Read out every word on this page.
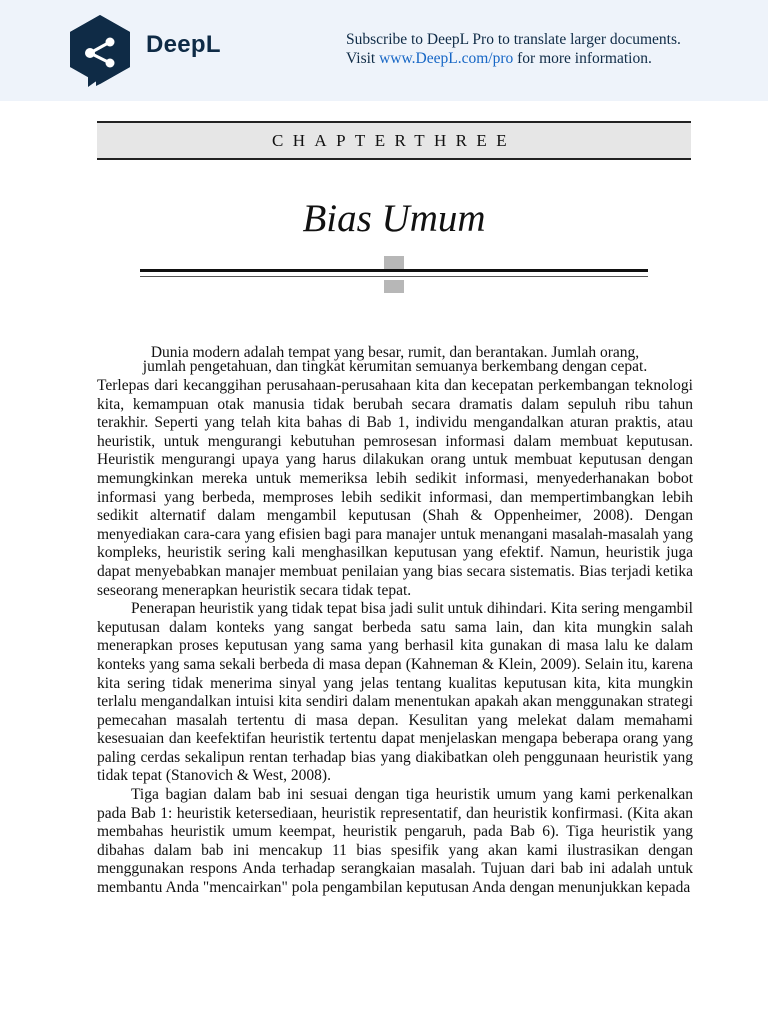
DeepL	Subscribe to DeepL Pro to translate larger documents.
Visit www.DeepL.com/pro for more information.
CHAPTERTHREE
Bias Umum
Dunia modern adalah tempat yang besar, rumit, dan berantakan. Jumlah orang,
jumlah pengetahuan, dan tingkat kerumitan semuanya berkembang dengan cepat.

Terlepas dari kecanggihan perusahaan-perusahaan kita dan kecepatan perkembangan teknologi kita, kemampuan otak manusia tidak berubah secara dramatis dalam sepuluh ribu tahun terakhir. Seperti yang telah kita bahas di Bab 1, individu mengandalkan aturan praktis, atau heuristik, untuk mengurangi kebutuhan pemrosesan informasi dalam membuat keputusan. Heuristik mengurangi upaya yang harus dilakukan orang untuk membuat keputusan dengan memungkinkan mereka untuk memeriksa lebih sedikit informasi, menyederhanakan bobot informasi yang berbeda, memproses lebih sedikit informasi, dan mempertimbangkan lebih sedikit alternatif dalam mengambil keputusan (Shah & Oppenheimer, 2008). Dengan menyediakan cara-cara yang efisien bagi para manajer untuk menangani masalah-masalah yang kompleks, heuristik sering kali menghasilkan keputusan yang efektif. Namun, heuristik juga dapat menyebabkan manajer membuat penilaian yang bias secara sistematis. Bias terjadi ketika seseorang menerapkan heuristik secara tidak tepat.

Penerapan heuristik yang tidak tepat bisa jadi sulit untuk dihindari. Kita sering mengambil keputusan dalam konteks yang sangat berbeda satu sama lain, dan kita mungkin salah menerapkan proses keputusan yang sama yang berhasil kita gunakan di masa lalu ke dalam konteks yang sama sekali berbeda di masa depan (Kahneman & Klein, 2009). Selain itu, karena kita sering tidak menerima sinyal yang jelas tentang kualitas keputusan kita, kita mungkin terlalu mengandalkan intuisi kita sendiri dalam menentukan apakah akan menggunakan strategi pemecahan masalah tertentu di masa depan. Kesulitan yang melekat dalam memahami kesesuaian dan keefektifan heuristik tertentu dapat menjelaskan mengapa beberapa orang yang paling cerdas sekalipun rentan terhadap bias yang diakibatkan oleh penggunaan heuristik yang tidak tepat (Stanovich & West, 2008).

Tiga bagian dalam bab ini sesuai dengan tiga heuristik umum yang kami perkenalkan pada Bab 1: heuristik ketersediaan, heuristik representatif, dan heuristik konfirmasi. (Kita akan membahas heuristik umum keempat, heuristik pengaruh, pada Bab 6). Tiga heuristik yang dibahas dalam bab ini mencakup 11 bias spesifik yang akan kami ilustrasikan dengan menggunakan respons Anda terhadap serangkaian masalah. Tujuan dari bab ini adalah untuk membantu Anda "mencairkan" pola pengambilan keputusan Anda dengan menunjukkan kepada
